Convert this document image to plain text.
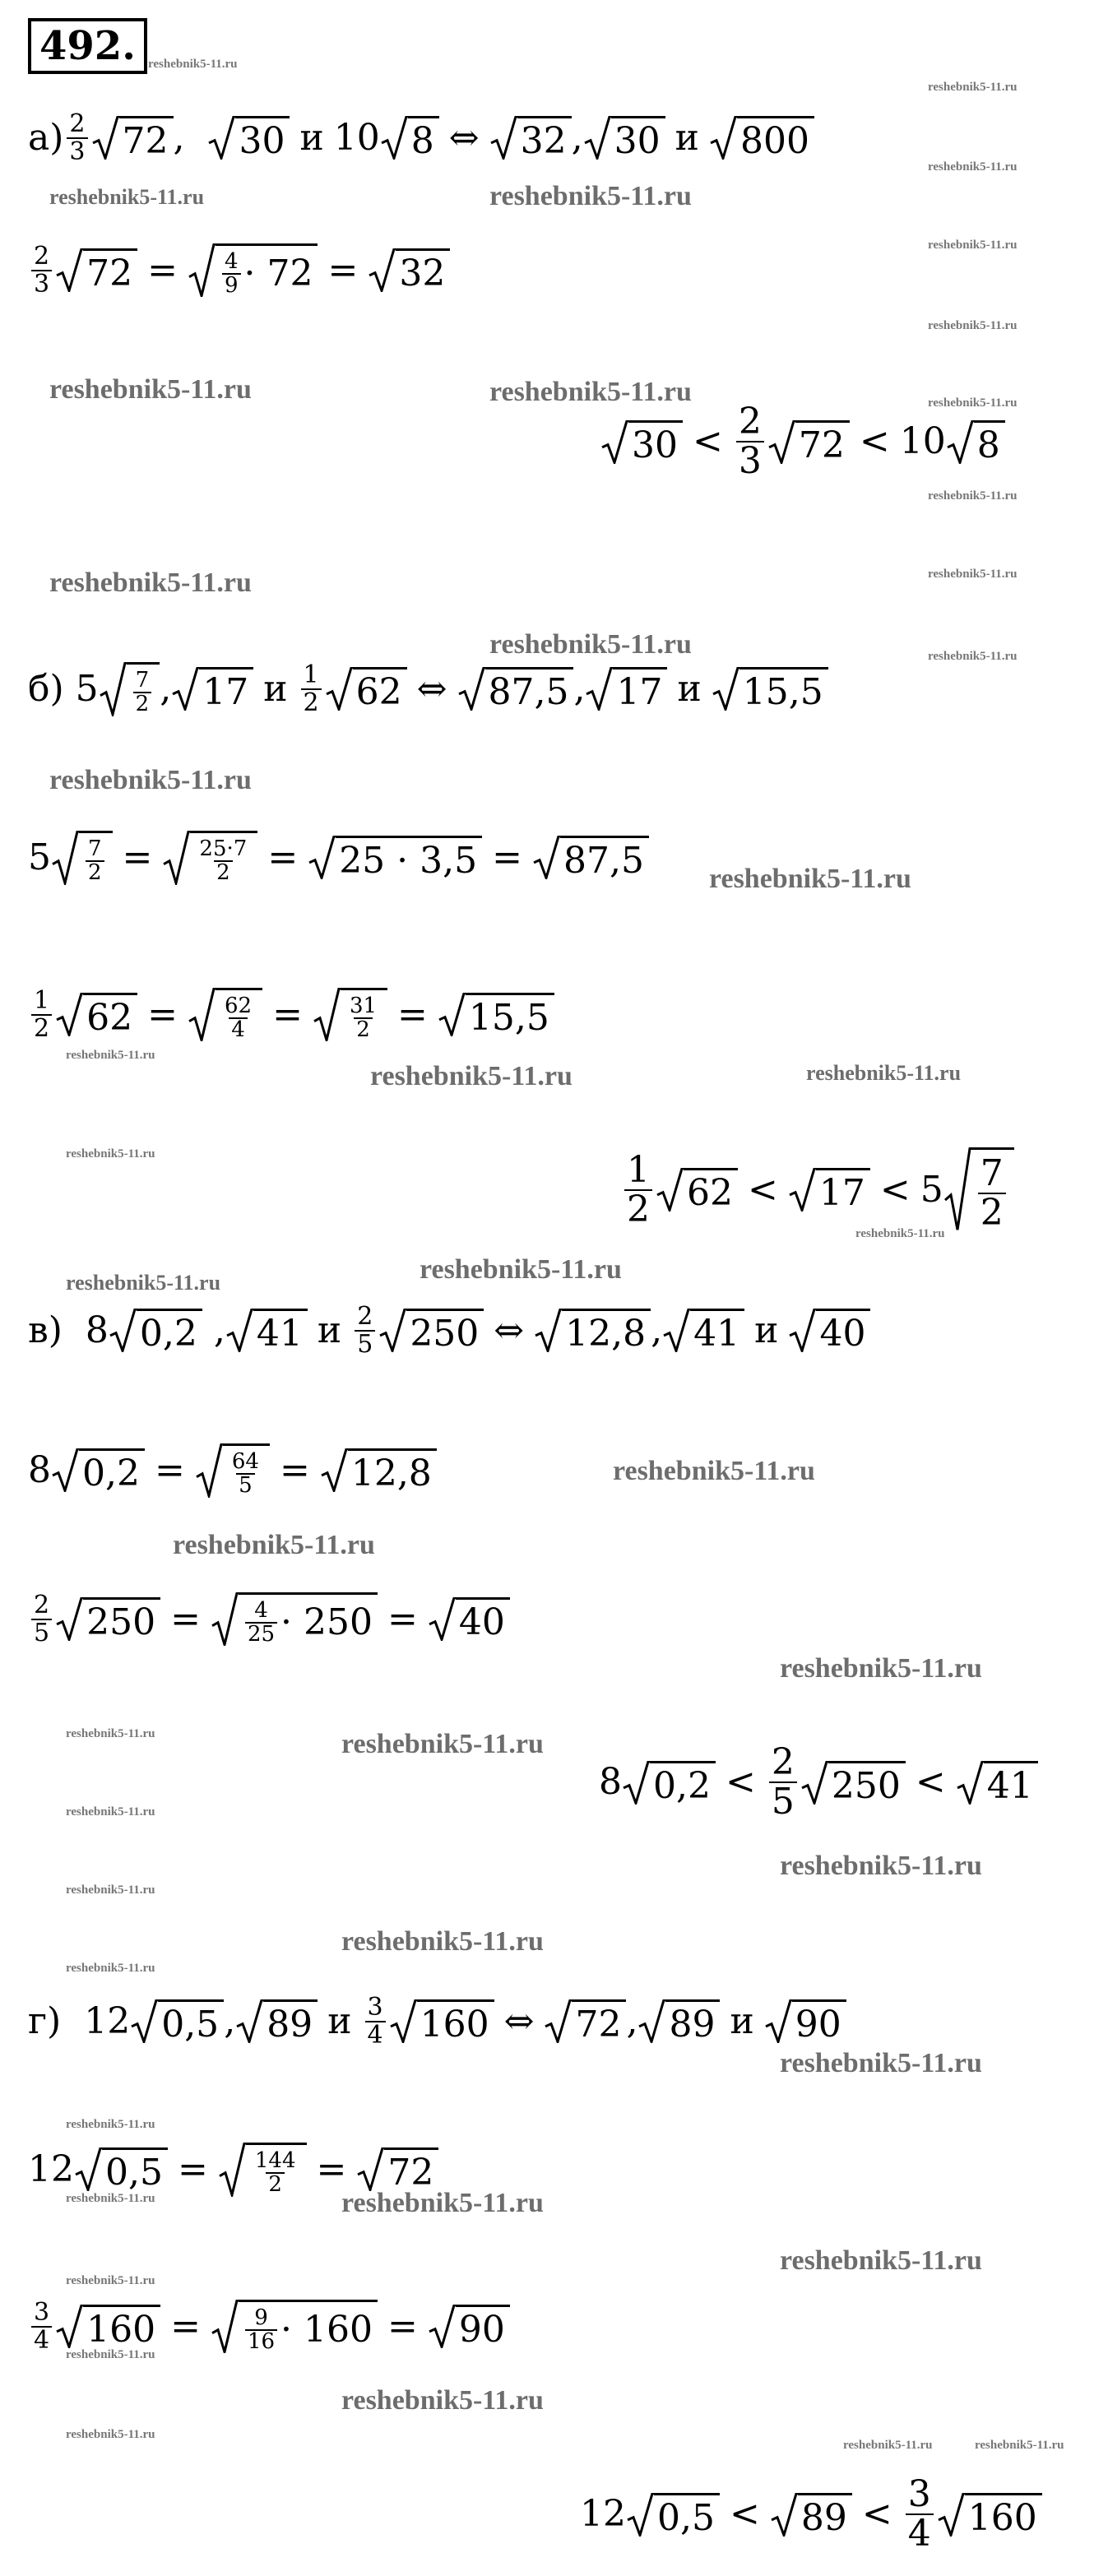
492.
$а) \frac{2}{3} 72$ , 30 и 10 8 ⇔ 32 , 30 и 800
$\frac{2}{3} 72$ =	$\frac{4}{9} \cdot 72 = 32$
$30 < \frac{2}{3} 72 < 10$ 8
б)
$5 \frac{7}{2}$ , 17 и $\frac{1}{2} 62$ ⇔ 87,5 , 17 и 15,5
$5 \frac{7}{2}$ =	$\frac{25\cdot 7}{2} = 25 \cdot 3,5 = 87,5$
$\frac{1}{2} 62$ =	$\frac{62}{4}$ =	$\frac{31}{2} = 15,5$
$\frac{1}{2} 62 < 17 < 5 \frac{7}{2}$
в)
8 0,2 , 41 и $\frac{2}{5} 250$ ⇔ 12,8 , 41 и 40
8 0,2 =	$\frac{64}{5} = 12,8$
$\frac{2}{5} 250$ =	$\frac{4}{25} \cdot 250 = 40$
8 $0,2 < \frac{2}{5} 250 < 41$
г)
12 0,5 , 89 и $\frac{3}{4} 160$ ⇔ 72 , 89 и 90
12 0,5 =	$\frac{144}{2} = 72$
$\frac{3}{4} 160$ =	$\frac{9}{16} \cdot 160 = 90$
12 $0,5 < 89 < \frac{3}{4} 160$
reshebnik5-11.ru
reshebnik5-11.ru
reshebnik5-11.ru
reshebnik5-11.ru
reshebnik5-11.ru
reshebnik5-11.ru
reshebnik5-11.ru
reshebnik5-11.ru
reshebnik5-11.ru
reshebnik5-11.ru	reshebnik5-11.ru
reshebnik5-11.ru	reshebnik5-11.ru
reshebnik5-11.ru
reshebnik5-11.ru
reshebnik5-11.ru
reshebnik5-11.ru
reshebnik5-11.ru
reshebnik5-11.ru	reshebnik5-11.ru
reshebnik5-11.ru
reshebnik5-11.ru
reshebnik5-11.ru	reshebnik5-11.ru
reshebnik5-11.ru
reshebnik5-11.ru
reshebnik5-11.ru
reshebnik5-11.ru	reshebnik5-11.ru
reshebnik5-11.ru
reshebnik5-11.ru
reshebnik5-11.ru
reshebnik5-11.ru
reshebnik5-11.ru
reshebnik5-11.ru
reshebnik5-11.ru
reshebnik5-11.ru	reshebnik5-11.ru
reshebnik5-11.ru
reshebnik5-11.ru
reshebnik5-11.ru
reshebnik5-11.ru
reshebnik5-11.ru
reshebnik5-11.ru	reshebnik5-11.ru
